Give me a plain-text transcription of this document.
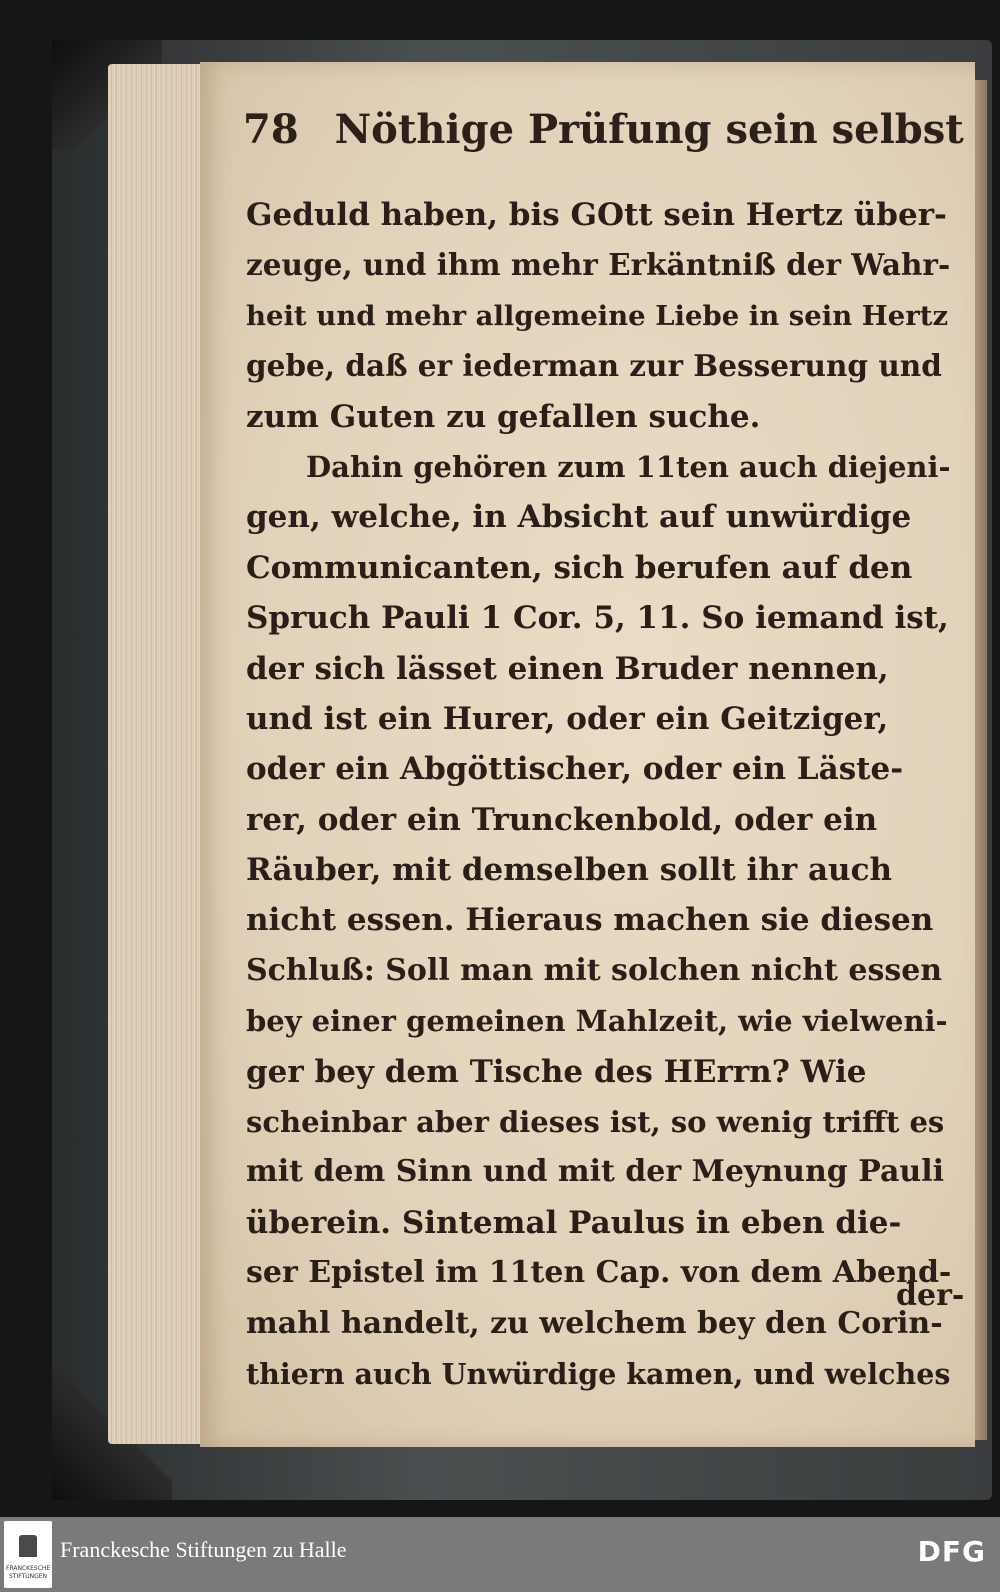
78 Nöthige Prüfung sein selbst
Geduld haben, bis GOtt sein Hertz über-
zeuge, und ihm mehr Erkäntniß der Wahr-
heit und mehr allgemeine Liebe in sein Hertz
gebe, daß er iederman zur Besserung und
zum Guten zu gefallen suche.
Dahin gehören zum 11ten auch diejeni-
gen, welche, in Absicht auf unwürdige
Communicanten, sich berufen auf den
Spruch Pauli 1 Cor. 5, 11. So iemand ist,
der sich lässet einen Bruder nennen,
und ist ein Hurer, oder ein Geitziger,
oder ein Abgöttischer, oder ein Läste-
rer, oder ein Trunckenbold, oder ein
Räuber, mit demselben sollt ihr auch
nicht essen. Hieraus machen sie diesen
Schluß: Soll man mit solchen nicht essen
bey einer gemeinen Mahlzeit, wie vielweni-
ger bey dem Tische des HErrn? Wie
scheinbar aber dieses ist, so wenig trifft es
mit dem Sinn und mit der Meynung Pauli
überein. Sintemal Paulus in eben die-
ser Epistel im 11ten Cap. von dem Abend-
mahl handelt, zu welchem bey den Corin-
thiern auch Unwürdige kamen, und welches
der-
FRANCKESCHE STIFTUNGEN
Franckesche Stiftungen zu Halle	DFG
